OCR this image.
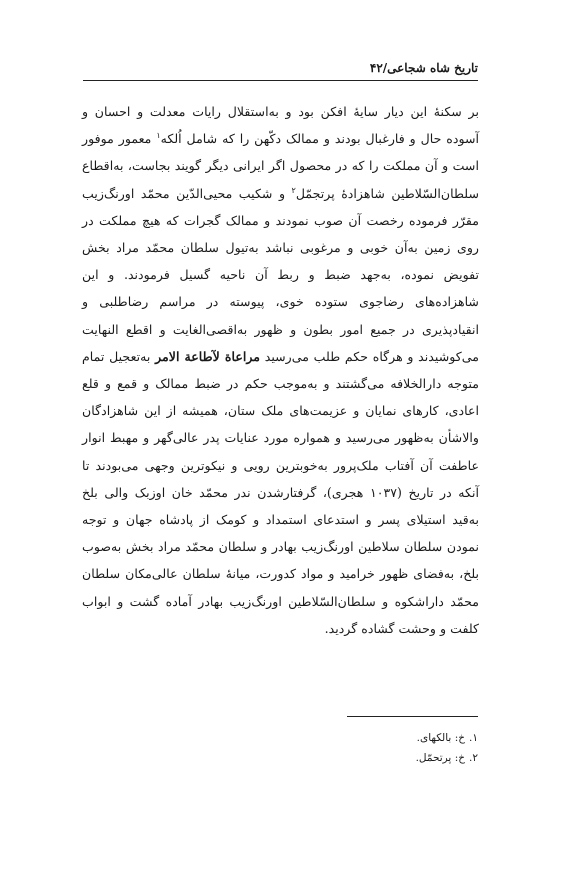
تاریخ شاه شجاعی/۴۲

بر سکنهٔ این دیار سایهٔ افکن بود و به‌استقلال رایات معدلت و احسان و آسوده حال و فارغبال بودند و ممالک دکّهن را که شامل اُلکه$^۱$ معمور موفور است و آن مملکت را که در محصول اگر ایرانی دیگر گویند بجاست، به‌اقطاع سلطان‌السّلاطین شاهزادهٔ پرتجمّل$^۲$ و شکیب محیی‌الدّین محمّد اورنگ‌زیب مقرّر فرموده رخصت آن صوب نمودند و ممالک گجرات که هیچ مملکت در روی زمین به‌آن خوبی و مرغوبی نباشد به‌تیول سلطان محمّد مراد بخش تفویض نموده، به‌جهد ضبط و ربط آن ناحیه گسیل فرمودند. و این شاهزاده‌های رضاجوی ستوده خوی، پیوسته در مراسم رضاطلبی و انقیادپذیری در جمیع امور بطون و ظهور به‌اقصی‌الغایت و اقطع النهایت می‌کوشیدند و هرگاه حکم طلب می‌رسید مراعاة لآطاعة الامر به‌تعجیل تمام متوجه دارالخلافه می‌گشتند و به‌موجب حکم در ضبط ممالک و قمع و قلع اعادی، کارهای نمایان و عزیمت‌های ملک ستان، همیشه از این شاهزادگان والاشأن به‌ظهور می‌رسید و همواره مورد عنایات پدر عالی‌گهر و مهبط انوار عاطفت آن آفتاب ملک‌پرور به‌خوبترین رویی و نیکوترین وجهی می‌بودند تا آنکه در تاریخ (۱۰۳۷ هجری)، گرفتارشدن ندر محمّد خان اوزبک والی بلخ به‌قید استیلای پسر و استدعای استمداد و کومک از پادشاه جهان و توجه نمودن سلطان سلاطین اورنگ‌زیب بهادر و سلطان محمّد مراد بخش به‌صوب بلخ، به‌فضای ظهور خرامید و مواد کدورت، میانهٔ سلطان عالی‌مکان سلطان محمّد داراشکوه و سلطان‌السّلاطین اورنگ‌زیب بهادر آماده گشت و ابواب کلفت و وحشت گشاده گردید.

۱.خ: بالکهای.
۲.خ: پرتحمّل.
